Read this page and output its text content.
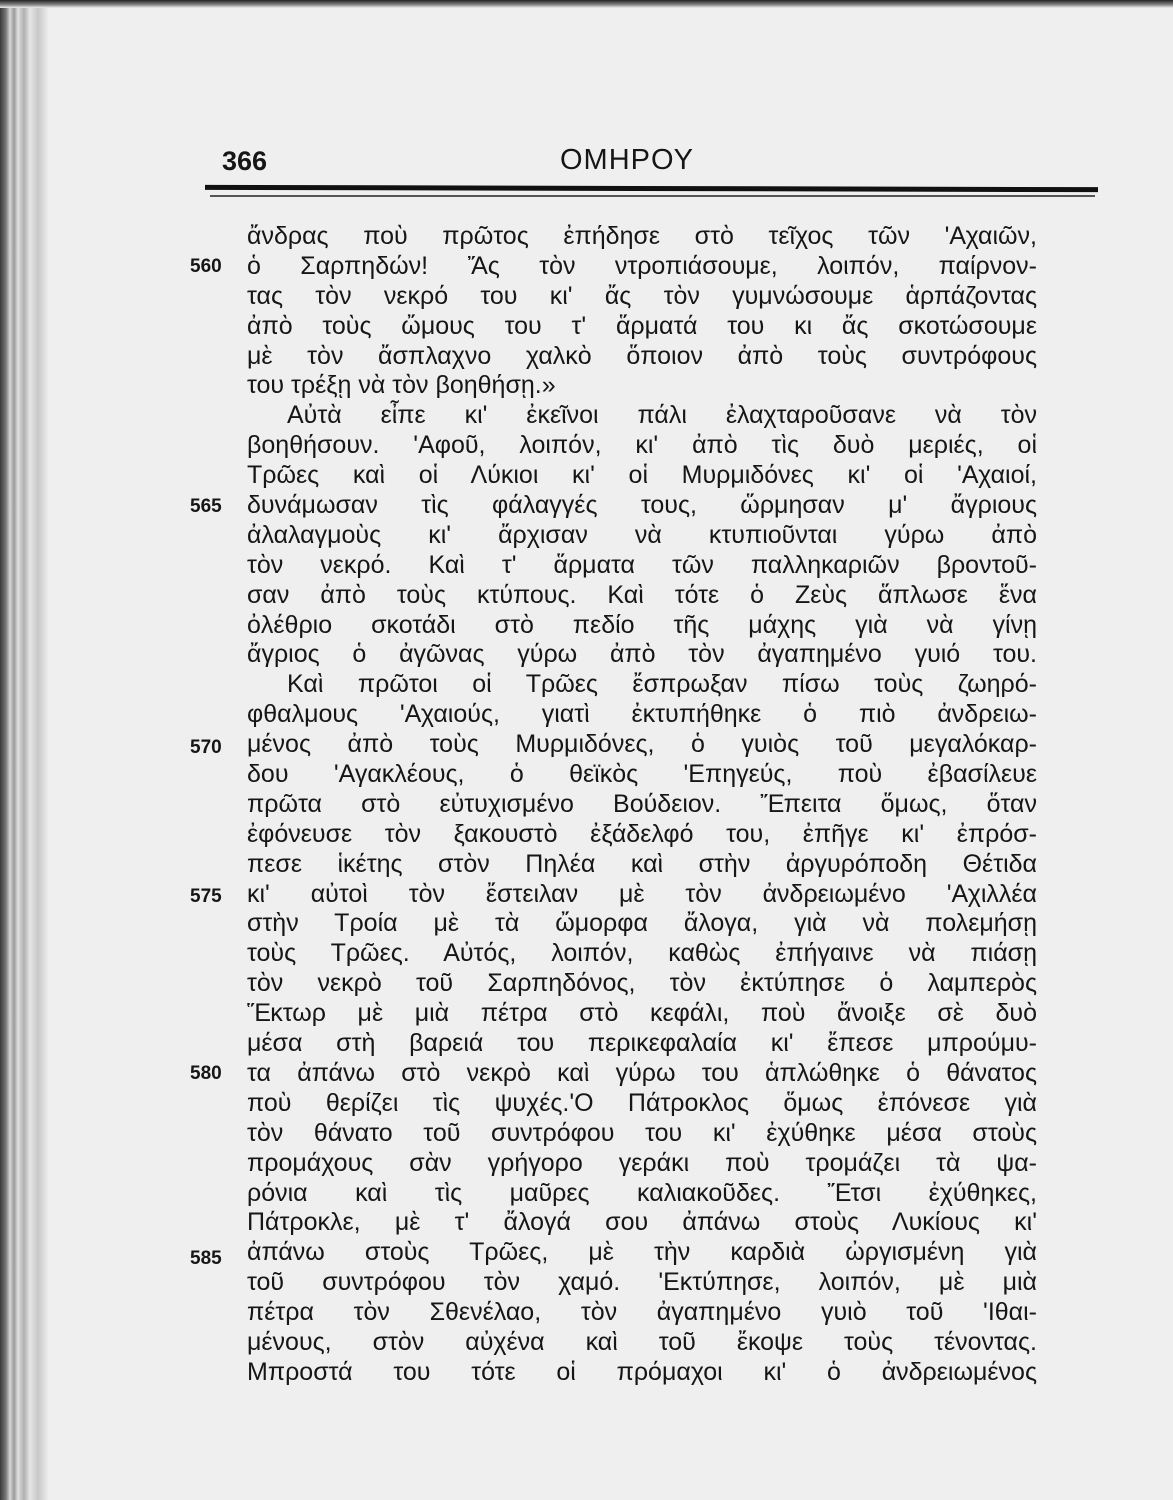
366	ΟΜΗΡΟΥ
560
565
570
575
580
585
ἄνδρας ποὺ πρῶτος ἐπήδησε στὸ τεῖχος τῶν 'Αχαιῶν,
ὁ Σαρπηδών! Ἄς τὸν ντροπιάσουμε, λοιπόν, παίρνον-
τας τὸν νεκρό του κι' ἄς τὸν γυμνώσουμε ἁρπάζοντας
ἀπὸ τοὺς ὤμους του τ' ἅρματά του κι ἄς σκοτώσουμε
μὲ τὸν ἄσπλαχνο χαλκὸ ὅποιον ἀπὸ τοὺς συντρόφους
του τρέξῃ νὰ τὸν βοηθήσῃ.»
Αὐτὰ εἶπε κι' ἐκεῖνοι πάλι ἐλαχταροῦσανε νὰ τὸν
βοηθήσουν. 'Αφοῦ, λοιπόν, κι' ἀπὸ τὶς δυὸ μεριές, οἱ
Τρῶες καὶ οἱ Λύκιοι κι' οἱ Μυρμιδόνες κι' οἱ 'Αχαιοί,
δυνάμωσαν τὶς φάλαγγές τους, ὥρμησαν μ' ἄγριους
ἀλαλαγμοὺς κι' ἄρχισαν νὰ κτυπιοῦνται γύρω ἀπὸ
τὸν νεκρό. Καὶ τ' ἅρματα τῶν παλληκαριῶν βροντοῦ-
σαν ἀπὸ τοὺς κτύπους. Καὶ τότε ὁ Ζεὺς ἅπλωσε ἕνα
ὀλέθριο σκοτάδι στὸ πεδίο τῆς μάχης γιὰ νὰ γίνῃ
ἄγριος ὁ ἀγῶνας γύρω ἀπὸ τὸν ἀγαπημένο γυιό του.
Καὶ πρῶτοι οἱ Τρῶες ἔσπρωξαν πίσω τοὺς ζωηρό-
φθαλμους 'Αχαιούς, γιατὶ ἐκτυπήθηκε ὁ πιὸ ἀνδρειω-
μένος ἀπὸ τοὺς Μυρμιδόνες, ὁ γυιὸς τοῦ μεγαλόκαρ-
δου 'Αγακλέους, ὁ θεϊκὸς 'Επηγεύς, ποὺ ἐβασίλευε
πρῶτα στὸ εὐτυχισμένο Βούδειον. Ἔπειτα ὅμως, ὅταν
ἐφόνευσε τὸν ξακουστὸ ἐξάδελφό του, ἐπῆγε κι' ἐπρόσ-
πεσε ἱκέτης στὸν Πηλέα καὶ στὴν ἀργυρόποδη Θέτιδα
κι' αὐτοὶ τὸν ἔστειλαν μὲ τὸν ἀνδρειωμένο 'Αχιλλέα
στὴν Τροία μὲ τὰ ὤμορφα ἄλογα, γιὰ νὰ πολεμήσῃ
τοὺς Τρῶες. Αὐτός, λοιπόν, καθὼς ἐπήγαινε νὰ πιάσῃ
τὸν νεκρὸ τοῦ Σαρπηδόνος, τὸν ἐκτύπησε ὁ λαμπερὸς
Ἕκτωρ μὲ μιὰ πέτρα στὸ κεφάλι, ποὺ ἄνοιξε σὲ δυὸ
μέσα στὴ βαρειά του περικεφαλαία κι' ἔπεσε μπρούμυ-
τα ἀπάνω στὸ νεκρὸ καὶ γύρω του ἁπλώθηκε ὁ θάνατος
ποὺ θερίζει τὶς ψυχές.'Ο Πάτροκλος ὅμως ἐπόνεσε γιὰ
τὸν θάνατο τοῦ συντρόφου του κι' ἐχύθηκε μέσα στοὺς
προμάχους σὰν γρήγορο γεράκι ποὺ τρομάζει τὰ ψα-
ρόνια καὶ τὶς μαῦρες καλιακοῦδες. Ἔτσι ἐχύθηκες,
Πάτροκλε, μὲ τ' ἄλογά σου ἀπάνω στοὺς Λυκίους κι'
ἀπάνω στοὺς Τρῶες, μὲ τὴν καρδιὰ ὠργισμένη γιὰ
τοῦ συντρόφου τὸν χαμό. 'Εκτύπησε, λοιπόν, μὲ μιὰ
πέτρα τὸν Σθενέλαο, τὸν ἀγαπημένο γυιὸ τοῦ 'Ιθαι-
μένους, στὸν αὐχένα καὶ τοῦ ἔκοψε τοὺς τένοντας.
Μπροστά του τότε οἱ πρόμαχοι κι' ὁ ἀνδρειωμένος
